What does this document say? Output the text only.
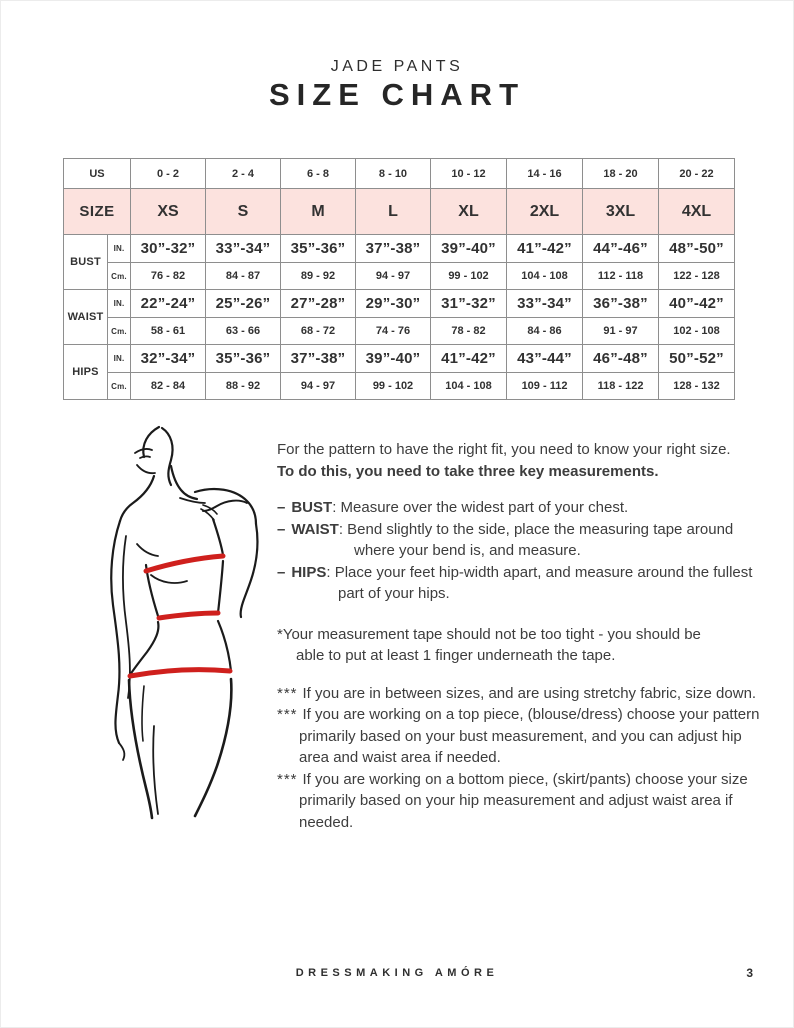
JADE PANTS
SIZE CHART
US		0 - 2	2 - 4	6 - 8	8 - 10	10 - 12	14 - 16	18 - 20	20 - 22
SIZE		XS	S	M	L	XL	2XL	3XL	4XL
BUST	IN.	30”-32”	33”-34”	35”-36”	37”-38”	39”-40”	41”-42”	44”-46”	48”-50”
	Cm.	76 - 82	84 - 87	89 - 92	94 - 97	99 - 102	104 - 108	112 - 118	122 - 128
WAIST	IN.	22”-24”	25”-26”	27”-28”	29”-30”	31”-32”	33”-34”	36”-38”	40”-42”
	Cm.	58 - 61	63 - 66	68 - 72	74 - 76	78 - 82	84 - 86	91 - 97	102 - 108
HIPS	IN.	32”-34”	35”-36”	37”-38”	39”-40”	41”-42”	43”-44”	46”-48”	50”-52”
	Cm.	82 - 84	88 - 92	94 - 97	99 - 102	104 - 108	109 - 112	118 - 122	128 - 132
For the pattern to have the right fit, you need to know your right size.
To do this, you need to take three key measurements.
– BUST: Measure over the widest part of your chest.
– WAIST: Bend slightly to the side, place the measuring tape around
where your bend is, and measure.
– HIPS: Place your feet hip-width apart, and measure around the fullest
part of your hips.
*Your measurement tape should not be too tight - you should be
able to put at least 1 finger underneath the tape.
*** If you are in between sizes, and are using stretchy fabric, size down.
*** If you are working on a top piece, (blouse/dress) choose your pattern
primarily based on your bust measurement, and you can adjust hip
area and waist area if needed.
*** If you are working on a bottom piece, (skirt/pants) choose your size
primarily based on your hip measurement and adjust waist area if needed.
DRESSMAKING AMÓRE	3
